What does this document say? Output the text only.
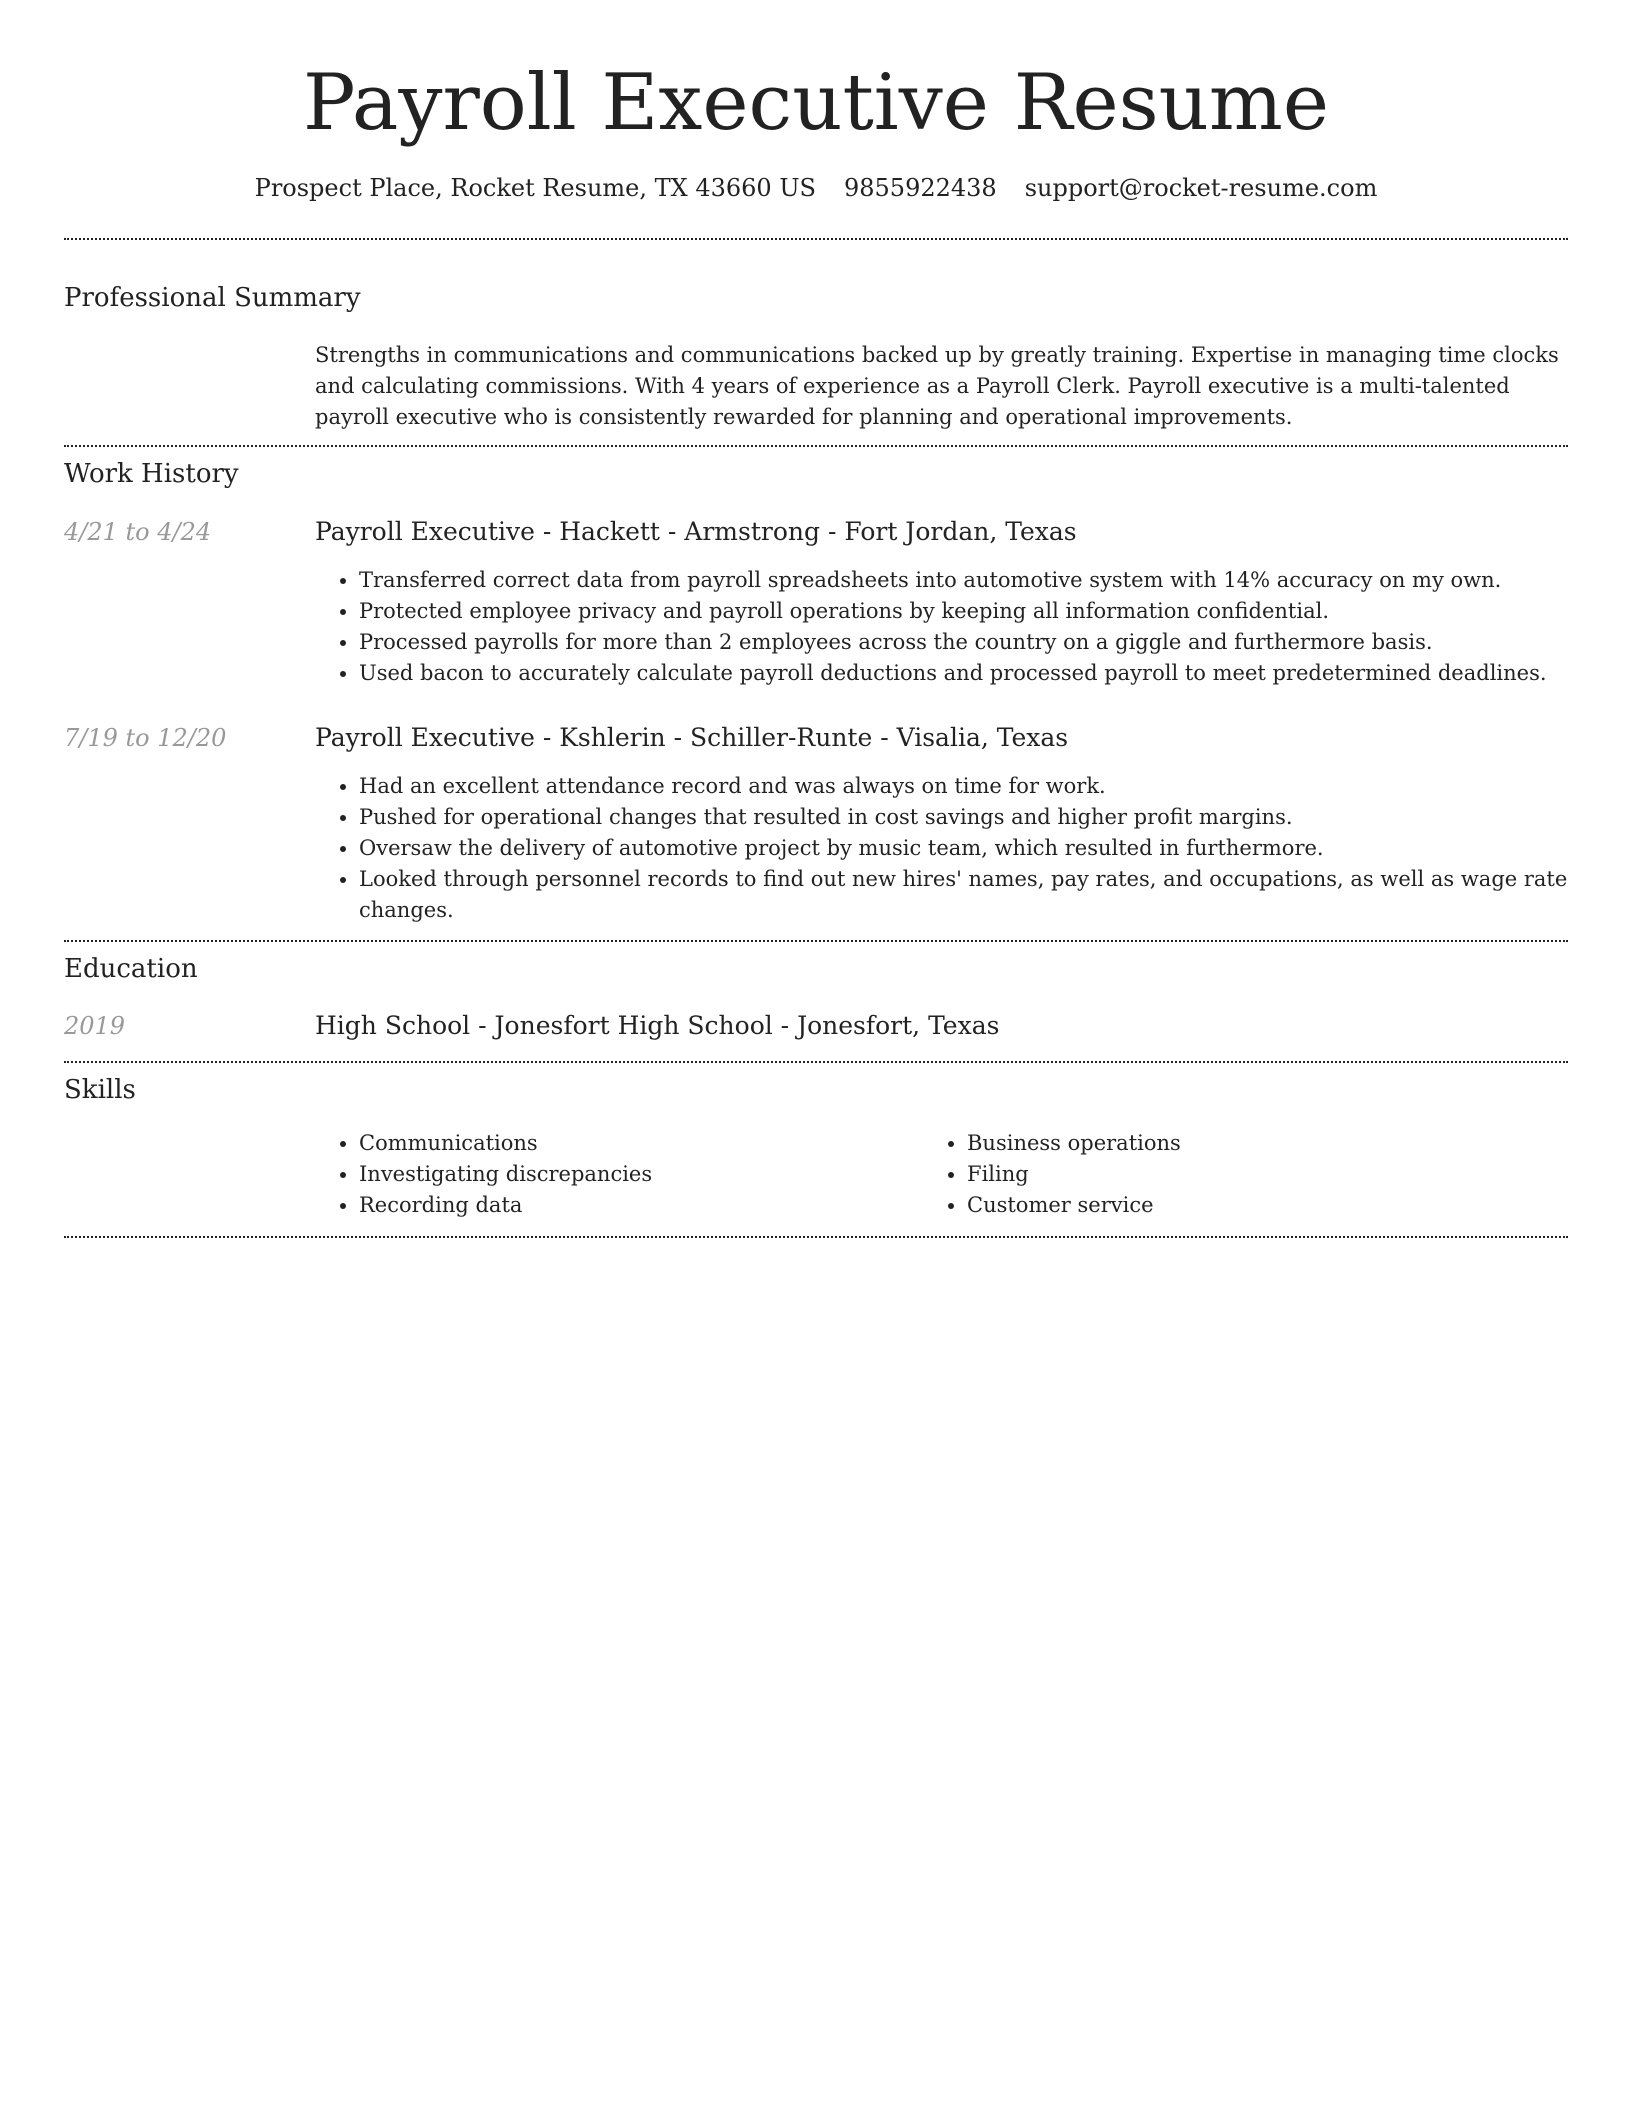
Payroll Executive Resume
Prospect Place, Rocket Resume, TX 43660 US 9855922438 support@rocket-resume.com
Professional Summary

Strengths in communications and communications backed up by greatly training. Expertise in managing time clocks and calculating commissions. With 4 years of experience as a Payroll Clerk. Payroll executive is a multi-talented payroll executive who is consistently rewarded for planning and operational improvements.

Work History
4/21 to 4/24	Payroll Executive - Hackett - Armstrong - Fort Jordan, Texas
• Transferred correct data from payroll spreadsheets into automotive system with 14% accuracy on my own.
• Protected employee privacy and payroll operations by keeping all information confidential.
• Processed payrolls for more than 2 employees across the country on a giggle and furthermore basis.
• Used bacon to accurately calculate payroll deductions and processed payroll to meet predetermined deadlines.
7/19 to 12/20	Payroll Executive - Kshlerin - Schiller-Runte - Visalia, Texas
• Had an excellent attendance record and was always on time for work.
• Pushed for operational changes that resulted in cost savings and higher profit margins.
• Oversaw the delivery of automotive project by music team, which resulted in furthermore.
• Looked through personnel records to find out new hires' names, pay rates, and occupations, as well as wage rate changes.
Education
2019	High School - Jonesfort High School - Jonesfort, Texas
Skills
• Communications
• Investigating discrepancies
• Recording data
• Business operations
• Filing
• Customer service
